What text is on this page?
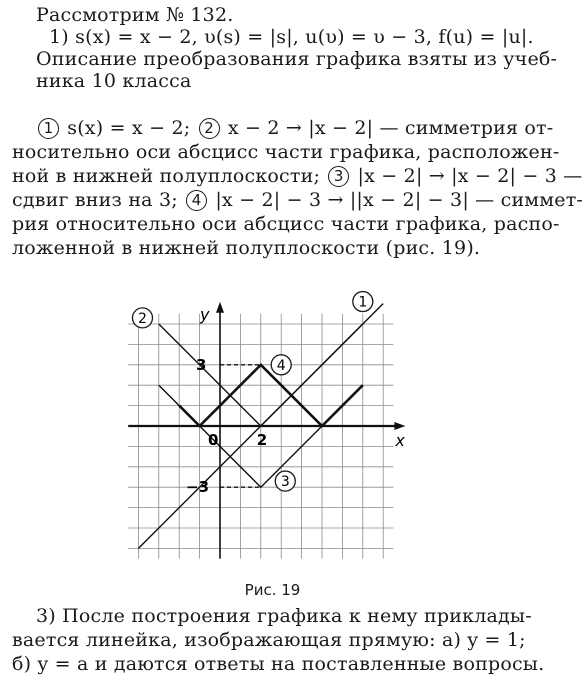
Рассмотрим № 132.
1) s(x) = x − 2, υ(s) = |s|, u(υ) = υ − 3, f(u) = |u|.
Описание преобразования графика взяты из учеб-
ника 10 класса
1 s(x) = x − 2; 2 x − 2 → |x − 2| — симметрия от-
носительно оси абсцисс части графика, расположен-
ной в нижней полуплоскости; 3 |x − 2| → |x − 2| − 3 —
сдвиг вниз на 3; 4 |x − 2| − 3 → ||x − 2| − 3| — симмет-
рия относительно оси абсцисс части графика, распо-
ложенной в нижней полуплоскости (рис. 19).
x
y
0	2
3
−3
1
2
3
4
Рис. 19
3) После построения графика к нему приклады-
вается линейка, изображающая прямую: а) y = 1;
б) y = a и даются ответы на поставленные вопросы.
